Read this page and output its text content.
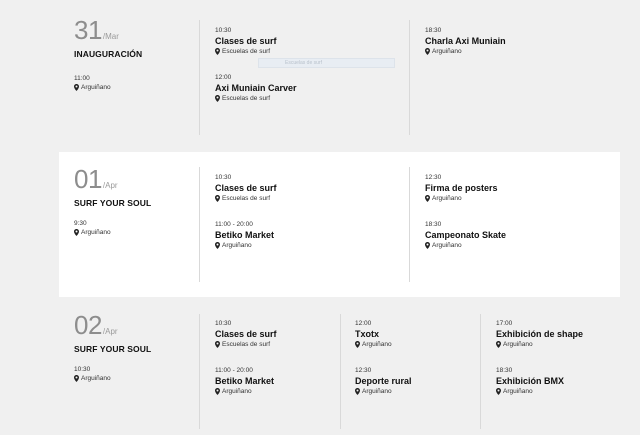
31 /Mar
INAUGURACIÓN
11:00
Arguiñano
10:30
Clases de surf
Escuelas de surf
12:00
Axi Muniain Carver
Escuelas de surf
18:30
Charla Axi Muniain
Arguiñano
Escuelas de surf
01 /Apr
SURF YOUR SOUL
9:30
Arguiñano
10:30
Clases de surf
Escuelas de surf
11:00 - 20:00
Betiko Market
Arguiñano
12:30
Firma de posters
Arguiñano
18:30
Campeonato Skate
Arguiñano
02 /Apr
SURF YOUR SOUL
10:30
Arguiñano
10:30
Clases de surf
Escuelas de surf
11:00 - 20:00
Betiko Market
Arguiñano
12:00
Txotx
Arguiñano
12:30
Deporte rural
Arguiñano
17:00
Exhibición de shape
Arguiñano
18:30
Exhibición BMX
Arguiñano
